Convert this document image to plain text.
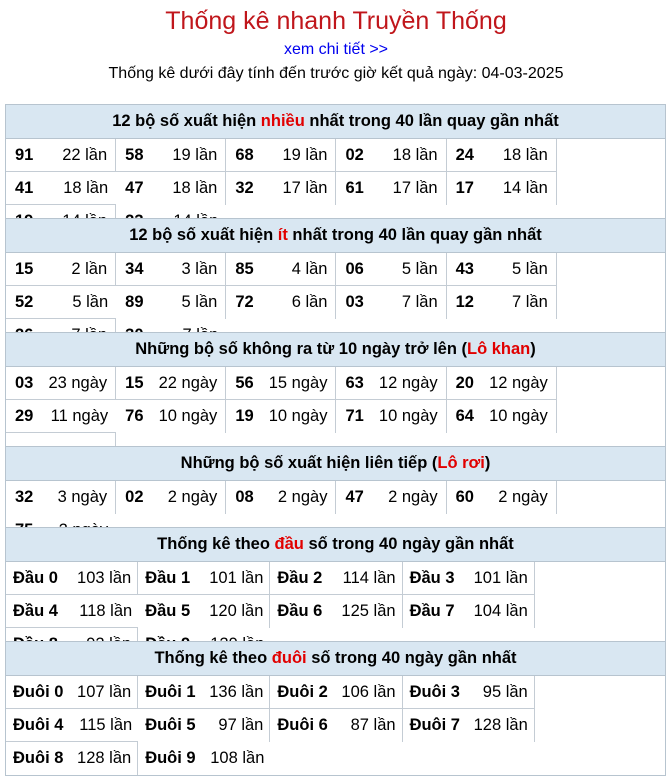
Thống kê nhanh Truyền Thống
xem chi tiết >>
Thống kê dưới đây tính đến trước giờ kết quả ngày: 04-03-2025
12 bộ số xuất hiện nhiều nhất trong 40 lần quay gần nhất
91 22 lần 58 19 lần 68 19 lần 02 18 lần 24 18 lần
41 18 lần 47 18 lần 32 17 lần 61 17 lần 17 14 lần
12 bộ số xuất hiện ít nhất trong 40 lần quay gần nhất
15 2 lần 34 3 lần 85 4 lần 06 5 lần 43 5 lần
52 5 lần 89 5 lần 72 6 lần 03 7 lần 12 7 lần
Những bộ số không ra từ 10 ngày trở lên (Lô khan)
03 23 ngày 15 22 ngày 56 15 ngày 63 12 ngày 20 12 ngày
29 11 ngày 76 10 ngày 19 10 ngày 71 10 ngày 64 10 ngày
Những bộ số xuất hiện liên tiếp (Lô rơi)
32 3 ngày 02 2 ngày 08 2 ngày 47 2 ngày 60 2 ngày
Thống kê theo đầu số trong 40 ngày gần nhất
Đầu 0 103 lần Đầu 1 101 lần Đầu 2 114 lần Đầu 3 101 lần
Đầu 4 118 lần Đầu 5 120 lần Đầu 6 125 lần Đầu 7 104 lần
Thống kê theo đuôi số trong 40 ngày gần nhất
Đuôi 0 107 lần Đuôi 1 136 lần Đuôi 2 106 lần Đuôi 3 95 lần
Đuôi 4 115 lần Đuôi 5 97 lần Đuôi 6 87 lần Đuôi 7 128 lần
Đuôi 8 128 lần Đuôi 9 108 lần
